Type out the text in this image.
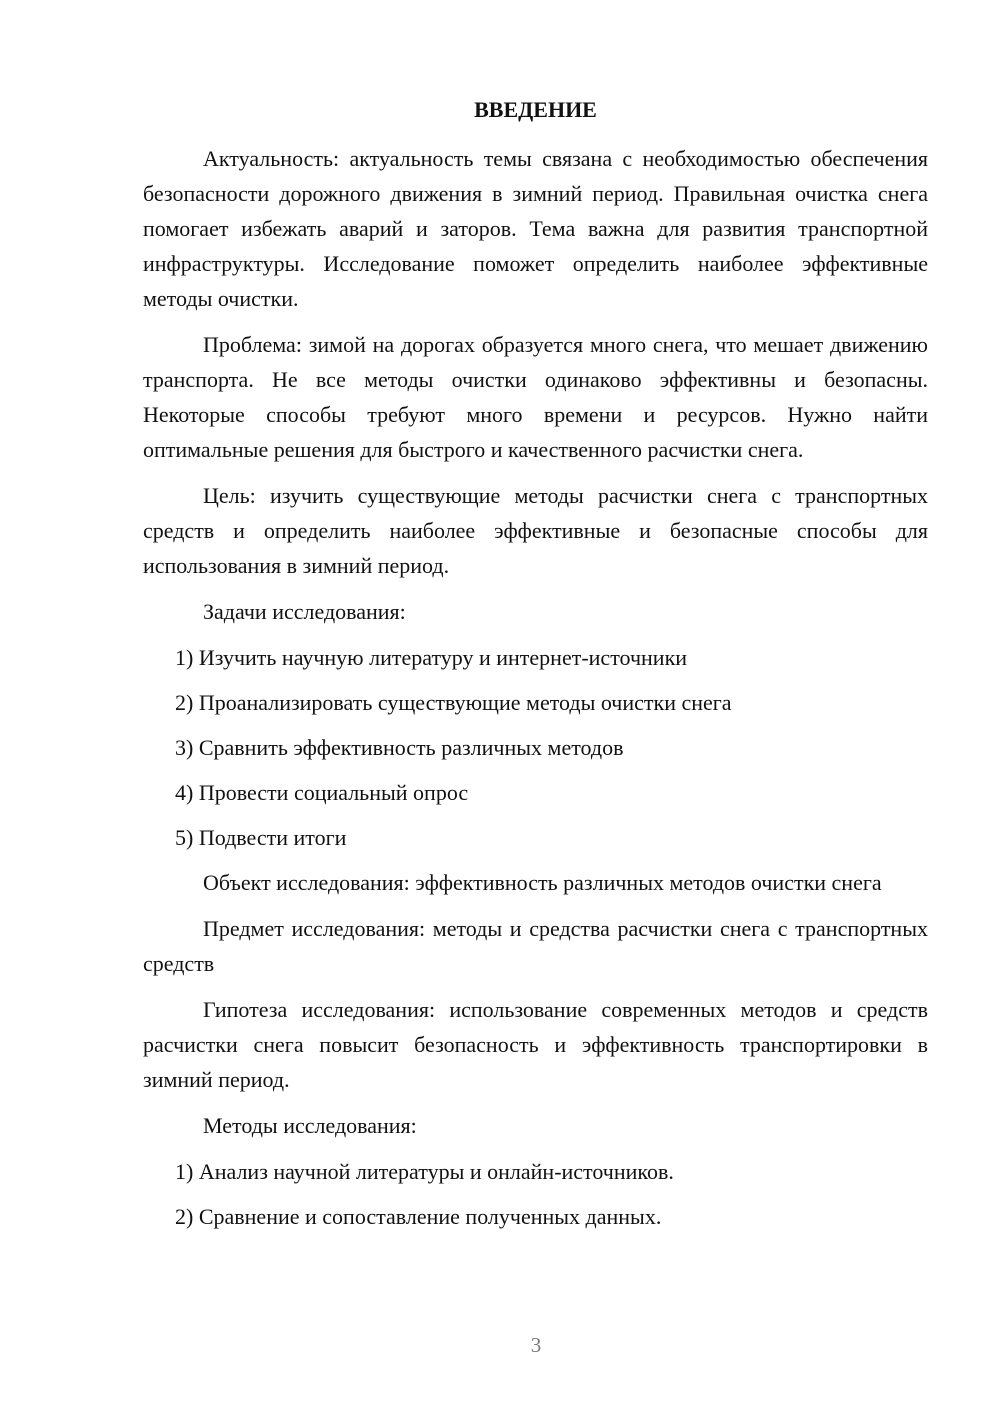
ВВЕДЕНИЕ
Актуальность: актуальность темы связана с необходимостью обеспечения безопасности дорожного движения в зимний период. Правильная очистка снега помогает избежать аварий и заторов. Тема важна для развития транспортной инфраструктуры. Исследование поможет определить наиболее эффективные методы очистки.
Проблема: зимой на дорогах образуется много снега, что мешает движению транспорта. Не все методы очистки одинаково эффективны и безопасны. Некоторые способы требуют много времени и ресурсов. Нужно найти оптимальные решения для быстрого и качественного расчистки снега.
Цель: изучить существующие методы расчистки снега с транспортных средств и определить наиболее эффективные и безопасные способы для использования в зимний период.
Задачи исследования:
1) Изучить научную литературу и интернет-источники
2) Проанализировать существующие методы очистки снега
3) Сравнить эффективность различных методов
4) Провести социальный опрос
5) Подвести итоги
Объект исследования: эффективность различных методов очистки снега
Предмет исследования: методы и средства расчистки снега с транспортных средств
Гипотеза исследования: использование современных методов и средств расчистки снега повысит безопасность и эффективность транспортировки в зимний период.
Методы исследования:
1) Анализ научной литературы и онлайн-источников.
2) Сравнение и сопоставление полученных данных.
3
